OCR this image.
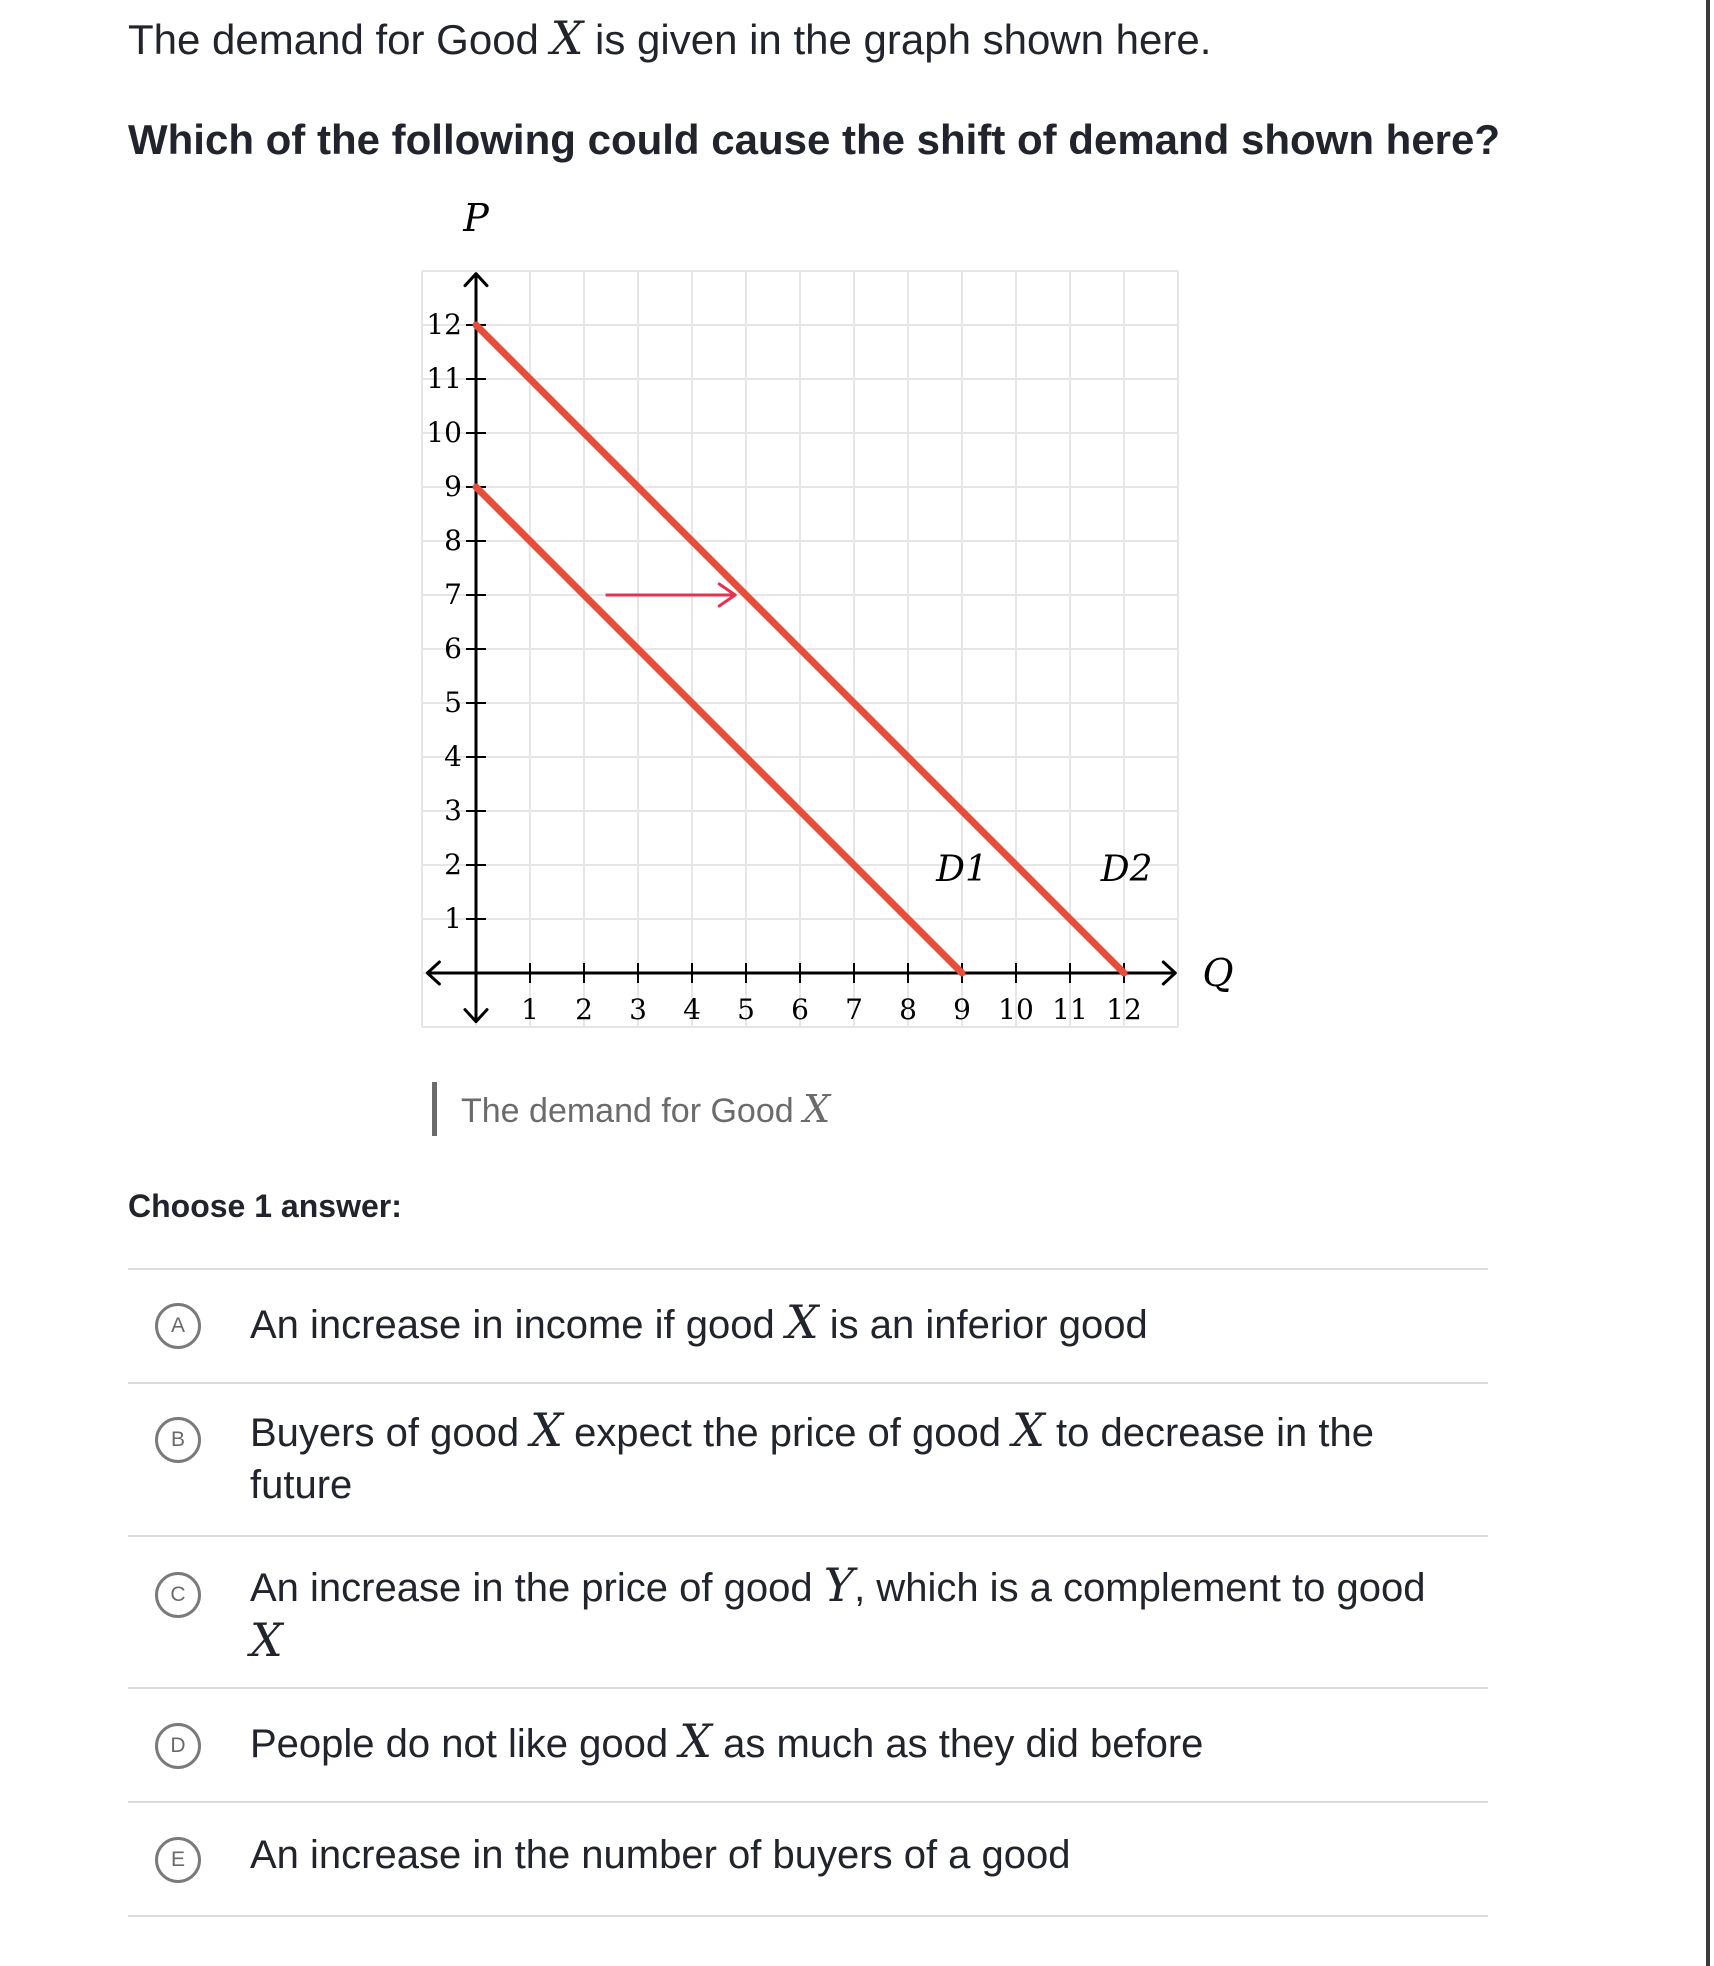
The demand for Good X is given in the graph shown here.

Which of the following could cause the shift of demand shown here?

P
Q
1 2 3 4 5 6 7 8 9 10 11 12
1
2
3
4
5
6
7
8
9
10
11
12
D1	D2
The demand for Good X

Choose 1 answer:

A	An increase in income if good X is an inferior good
B	Buyers of good X expect the price of good X to decrease in the
future
C	An increase in the price of good Y, which is a complement to good
X
D	People do not like good X as much as they did before
E	An increase in the number of buyers of a good
